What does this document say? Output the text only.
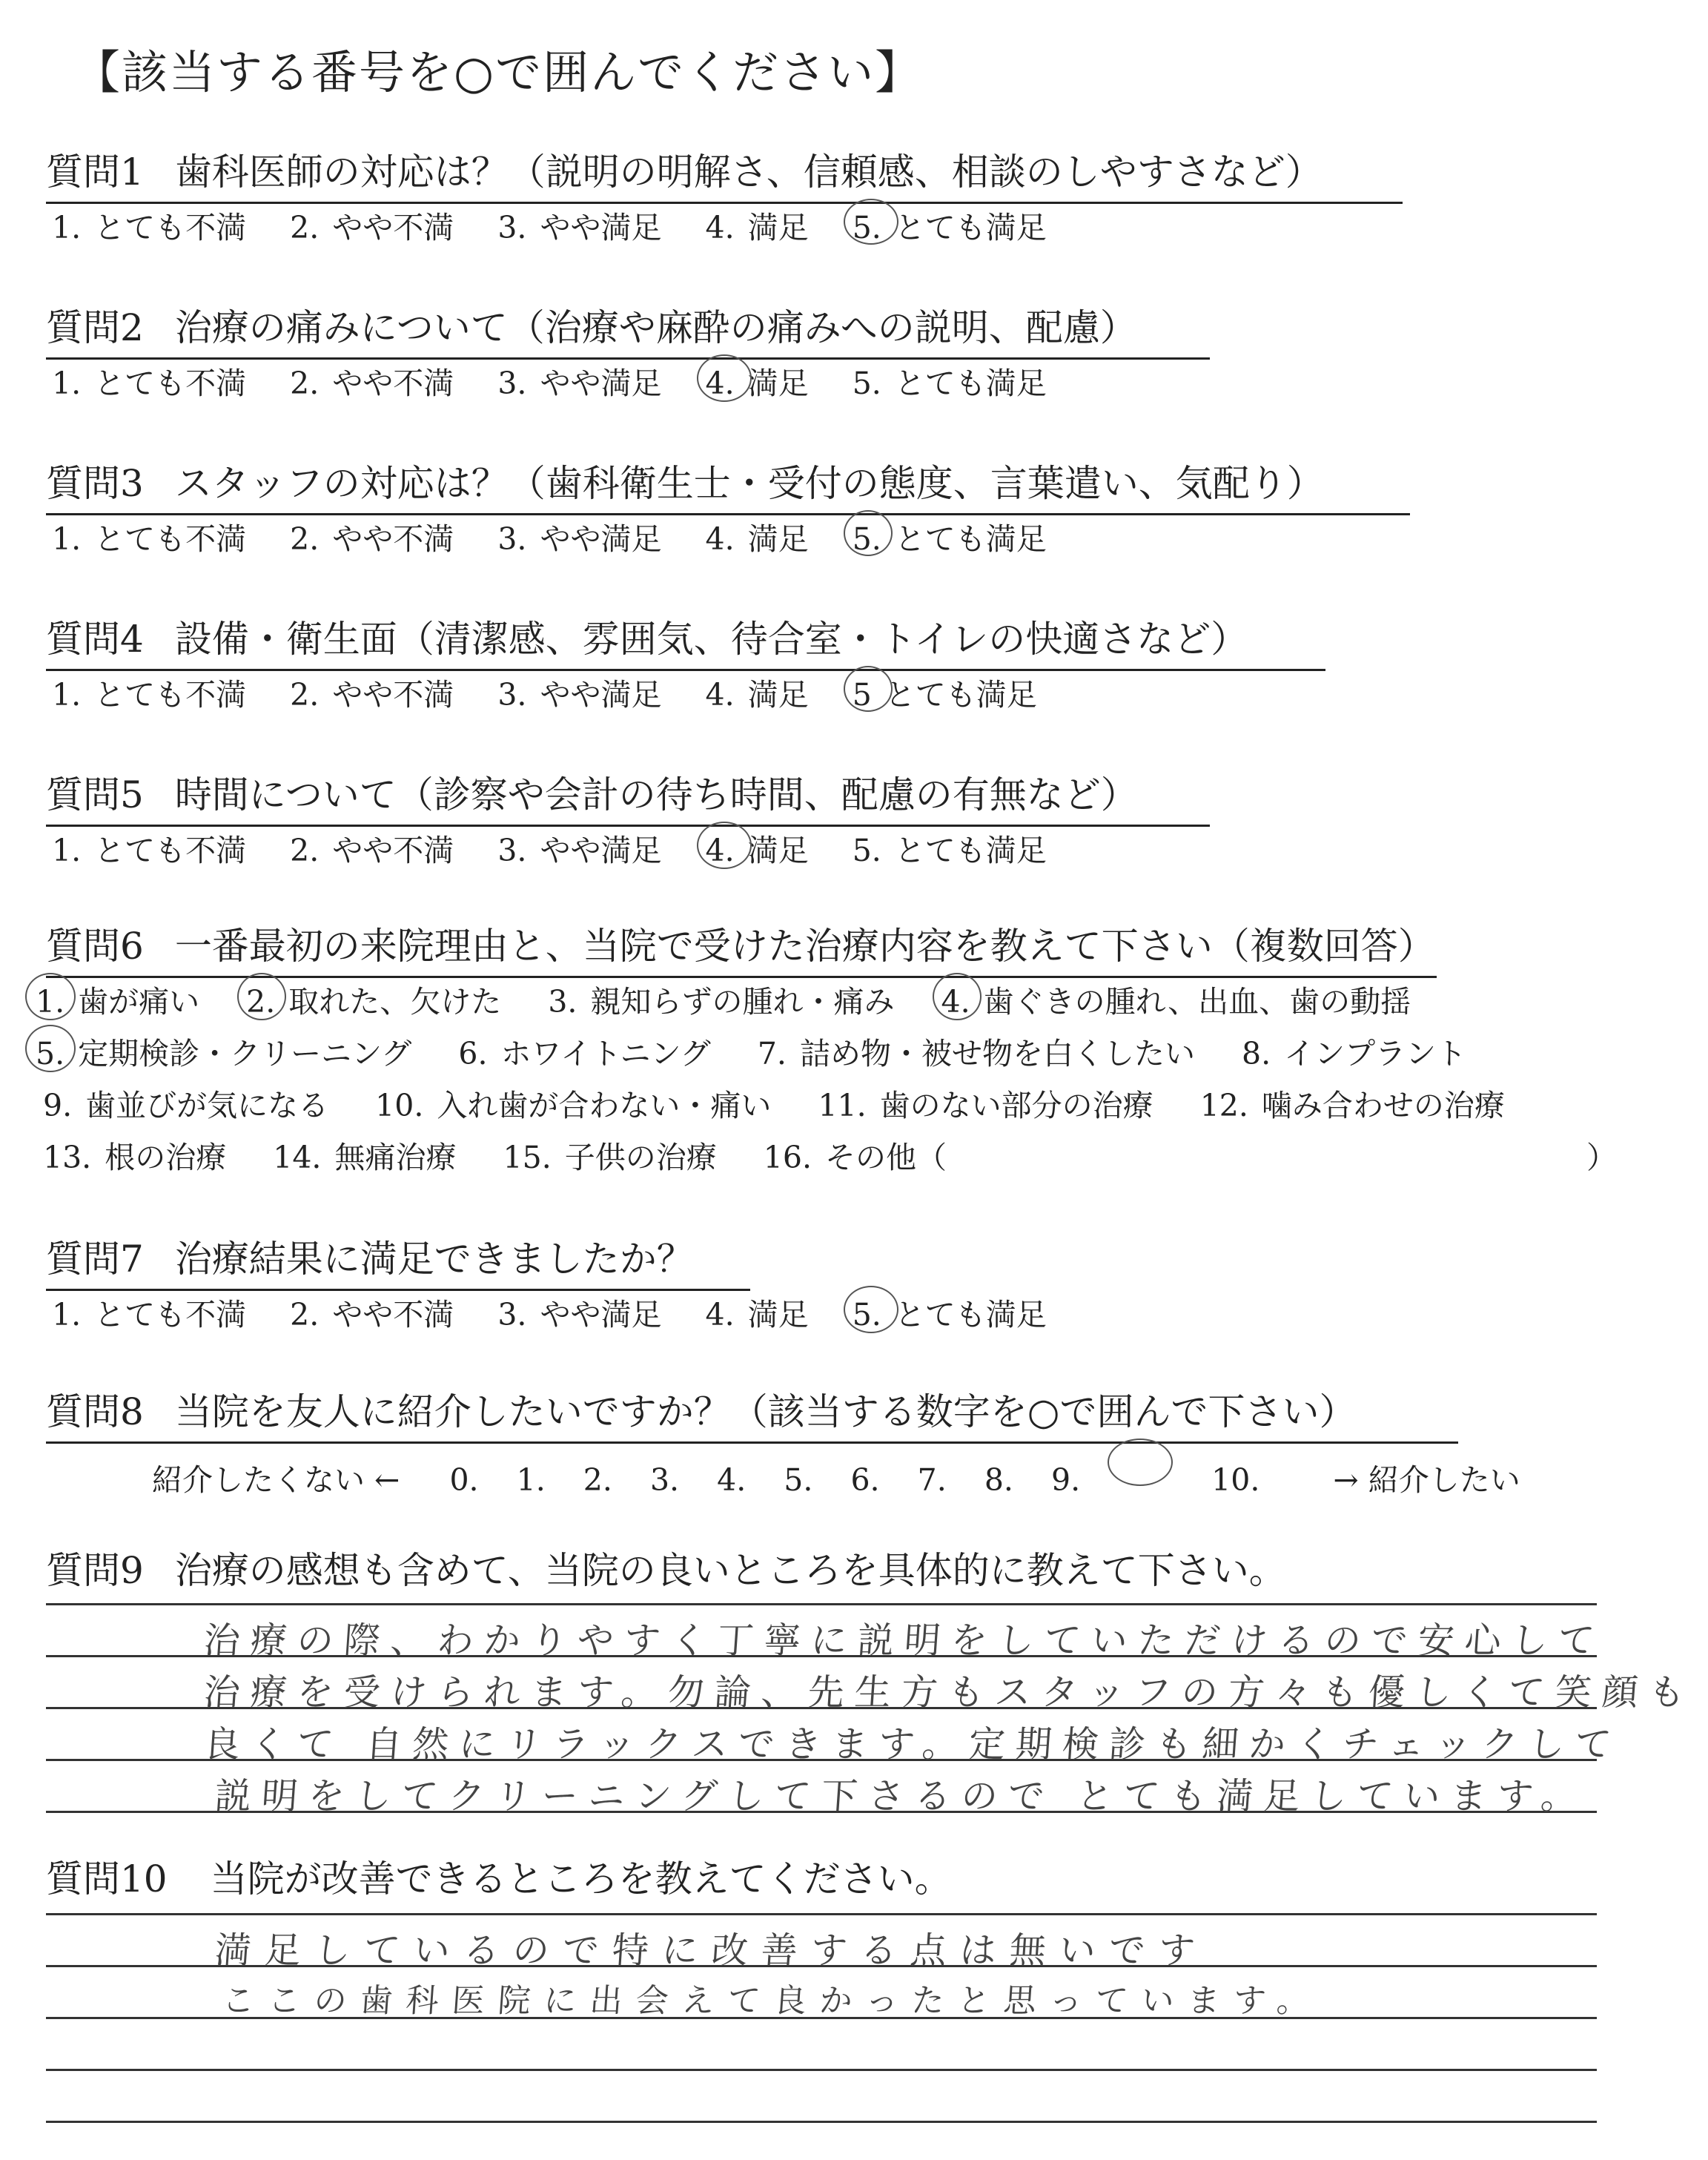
【該当する番号を○で囲んでください】
質問1 歯科医師の対応は？（説明の明解さ、信頼感、相談のしやすさなど）
1. とても不満 2. やや不満 3. やや満足 4. 満足 5. とても満足
質問2 治療の痛みについて（治療や麻酔の痛みへの説明、配慮）
1. とても不満 2. やや不満 3. やや満足 4. 満足 5. とても満足
質問3 スタッフの対応は？（歯科衛生士・受付の態度、言葉遣い、気配り）
1. とても不満 2. やや不満 3. やや満足 4. 満足 5. とても満足
質問4 設備・衛生面（清潔感、雰囲気、待合室・トイレの快適さなど）
1. とても不満 2. やや不満 3. やや満足 4. 満足 5 とても満足
質問5 時間について（診察や会計の待ち時間、配慮の有無など）
1. とても不満 2. やや不満 3. やや満足 4. 満足 5. とても満足
質問6 一番最初の来院理由と、当院で受けた治療内容を教えて下さい（複数回答）
1. 歯が痛い 2. 取れた、欠けた 3. 親知らずの腫れ・痛み 4. 歯ぐきの腫れ、出血、歯の動揺
5. 定期検診・クリーニング 6. ホワイトニング 7. 詰め物・被せ物を白くしたい 8. インプラント
9. 歯並びが気になる 10. 入れ歯が合わない・痛い 11. 歯のない部分の治療 12. 噛み合わせの治療
13. 根の治療 14. 無痛治療 15. 子供の治療 16. その他（	）
質問7 治療結果に満足できましたか？
1. とても不満 2. やや不満 3. やや満足 4. 満足 5. とても満足
質問8 当院を友人に紹介したいですか？（該当する数字を○で囲んで下さい）
紹介したくない ← 0. 1. 2. 3. 4. 5. 6. 7. 8. 9.	10. → 紹介したい
質問9 治療の感想も含めて、当院の良いところを具体的に教えて下さい。
治療の際、わかりやすく丁寧に説明をしていただけるので安心して
治療を受けられます。勿論、先生方もスタッフの方々も優しくて笑顔も
良くて 自然にリラックスできます。定期検診も細かくチェックして
説明をしてクリーニングして下さるので とても満足しています。
質問10 当院が改善できるところを教えてください。
満足しているので特に改善する点は無いです
ここの歯科医院に出会えて良かったと思っています。
